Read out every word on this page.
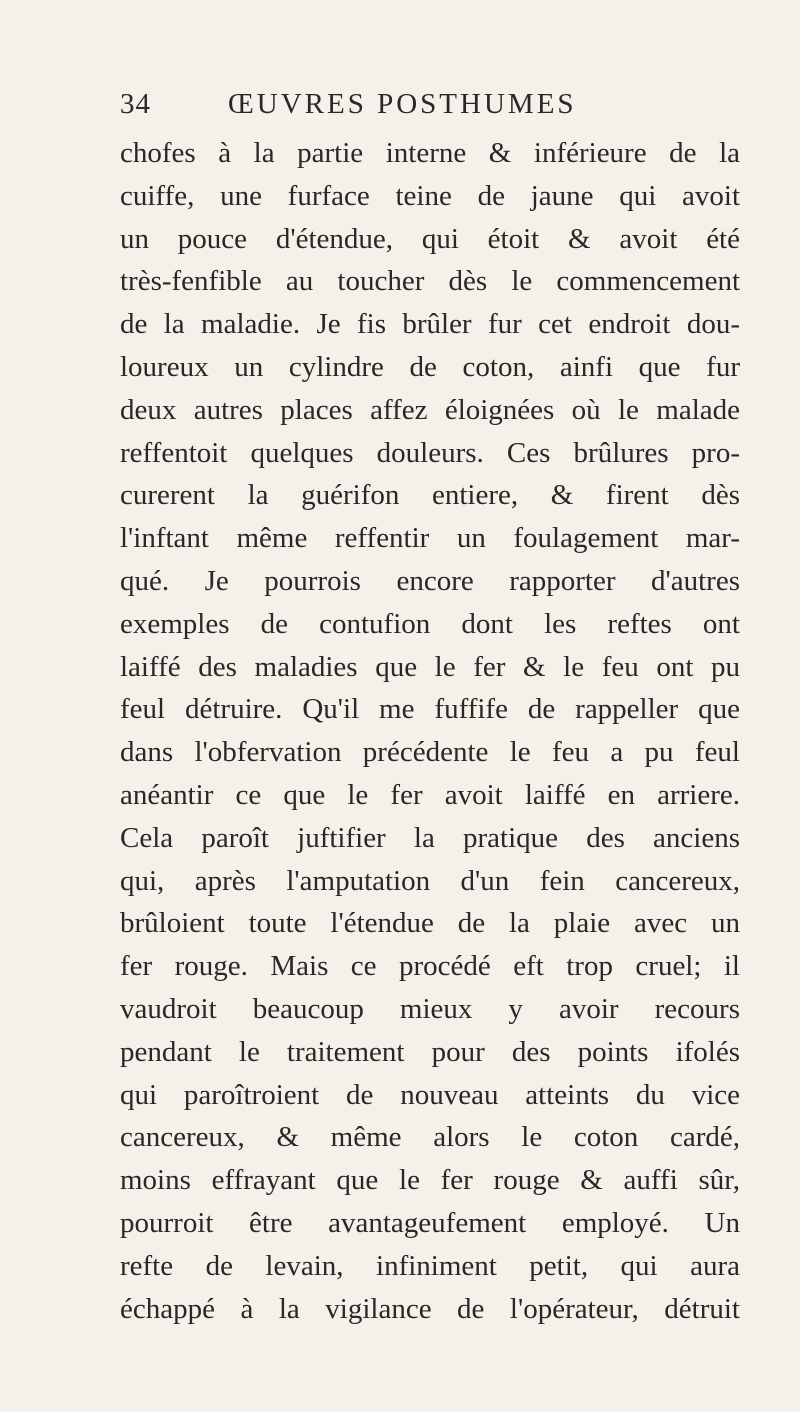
34	ŒUVRES POSTHUMES
chofes à la partie interne & inférieure de la
cuiffe, une furface teine de jaune qui avoit
un pouce d'étendue, qui étoit & avoit été
très-fenfible au toucher dès le commencement
de la maladie. Je fis brûler fur cet endroit dou-
loureux un cylindre de coton, ainfi que fur
deux autres places affez éloignées où le malade
reffentoit quelques douleurs. Ces brûlures pro-
curerent la guérifon entiere, & firent dès
l'inftant même reffentir un foulagement mar-
qué. Je pourrois encore rapporter d'autres
exemples de contufion dont les reftes ont
laiffé des maladies que le fer & le feu ont pu
feul détruire. Qu'il me fuffife de rappeller que
dans l'obfervation précédente le feu a pu feul
anéantir ce que le fer avoit laiffé en arriere.
Cela paroît juftifier la pratique des anciens
qui, après l'amputation d'un fein cancereux,
brûloient toute l'étendue de la plaie avec un
fer rouge. Mais ce procédé eft trop cruel; il
vaudroit beaucoup mieux y avoir recours
pendant le traitement pour des points ifolés
qui paroîtroient de nouveau atteints du vice
cancereux, & même alors le coton cardé,
moins effrayant que le fer rouge & auffi sûr,
pourroit être avantageufement employé. Un
refte de levain, infiniment petit, qui aura
échappé à la vigilance de l'opérateur, détruit
